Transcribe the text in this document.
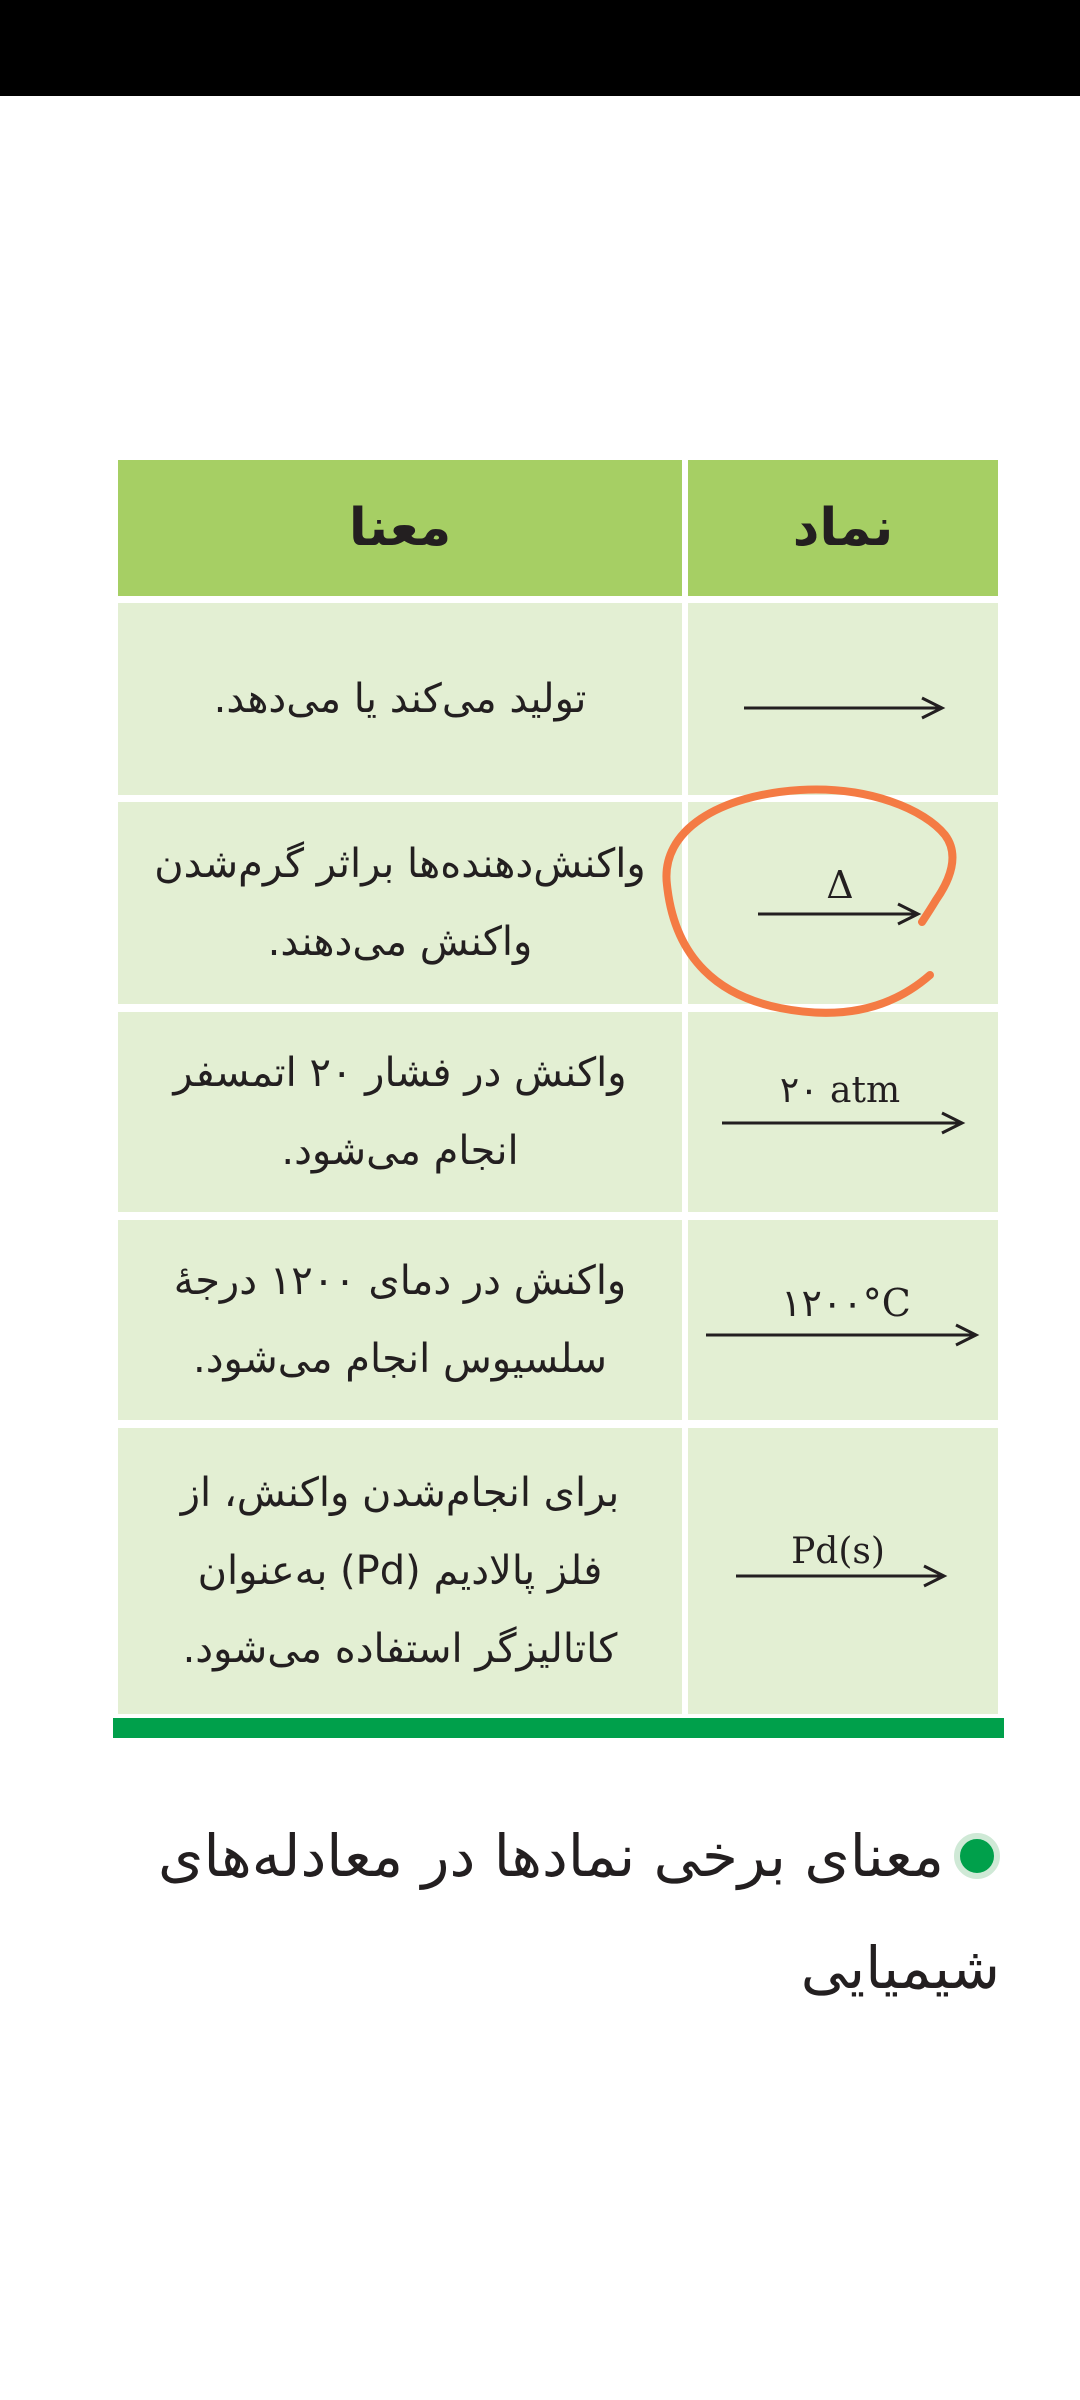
معنا	نماد
تولید می‌کند یا می‌دهد.
واکنش‌دهنده‌ها براثر گرم‌شدن واکنش می‌دهند.
Δ
واکنش در فشار ۲۰ اتمسفر انجام می‌شود.
۲۰ atm
واکنش در دمای ۱۲۰۰ درجهٔ سلسیوس انجام می‌شود.
۱۲۰۰°C
برای انجام‌شدن واکنش، از فلز پالادیم (Pd) به‌عنوان کاتالیزگر استفاده می‌شود.
Pd(s)
معنای برخی نمادها در معادله‌های شیمیایی
